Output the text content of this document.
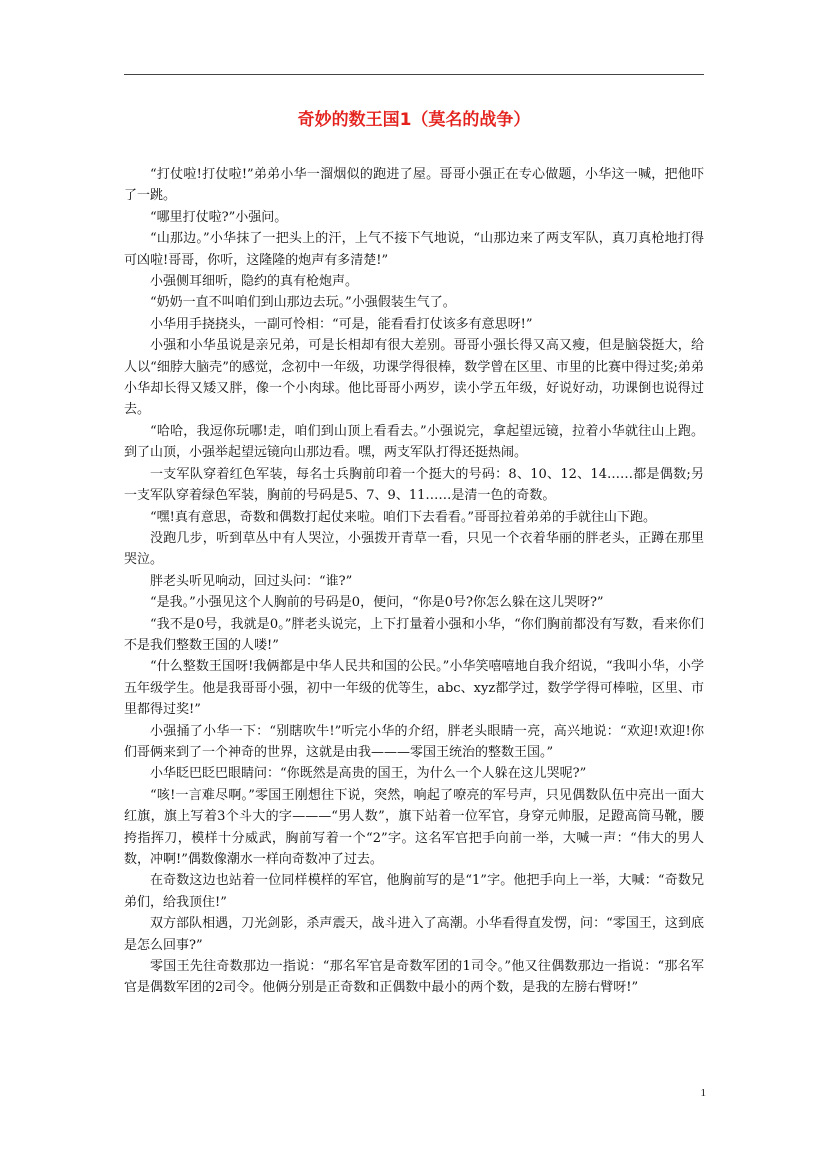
奇妙的数王国1（莫名的战争）

“打仗啦!打仗啦!”弟弟小华一溜烟似的跑进了屋。哥哥小强正在专心做题，小华这一喊，把他吓了一跳。

“哪里打仗啦?”小强问。

“山那边。”小华抹了一把头上的汗，上气不接下气地说，“山那边来了两支军队，真刀真枪地打得可凶啦!哥哥，你听，这隆隆的炮声有多清楚!”

小强侧耳细听，隐约的真有枪炮声。

“奶奶一直不叫咱们到山那边去玩。”小强假装生气了。

小华用手挠挠头，一副可怜相：“可是，能看看打仗该多有意思呀!”

小强和小华虽说是亲兄弟，可是长相却有很大差别。哥哥小强长得又高又瘦，但是脑袋挺大，给人以“细脖大脑壳”的感觉，念初中一年级，功课学得很棒，数学曾在区里、市里的比赛中得过奖;弟弟小华却长得又矮又胖，像一个小肉球。他比哥哥小两岁，读小学五年级，好说好动，功课倒也说得过去。

“哈哈，我逗你玩哪!走，咱们到山顶上看看去。”小强说完，拿起望远镜，拉着小华就往山上跑。到了山顶，小强举起望远镜向山那边看。嘿，两支军队打得还挺热闹。

一支军队穿着红色军装，每名士兵胸前印着一个挺大的号码：8、10、12、14……都是偶数;另一支军队穿着绿色军装，胸前的号码是5、7、9、11……是清一色的奇数。

“嘿!真有意思，奇数和偶数打起仗来啦。咱们下去看看。”哥哥拉着弟弟的手就往山下跑。

没跑几步，听到草丛中有人哭泣，小强拨开青草一看，只见一个衣着华丽的胖老头，正蹲在那里哭泣。

胖老头听见响动，回过头问：“谁?”

“是我。”小强见这个人胸前的号码是0，便问，“你是0号?你怎么躲在这儿哭呀?”

“我不是0号，我就是0。”胖老头说完，上下打量着小强和小华，“你们胸前都没有写数，看来你们不是我们整数王国的人喽!”

“什么整数王国呀!我俩都是中华人民共和国的公民。”小华笑嘻嘻地自我介绍说，“我叫小华，小学五年级学生。他是我哥哥小强，初中一年级的优等生，abc、xyz都学过，数学学得可棒啦，区里、市里都得过奖!”

小强捅了小华一下：“别瞎吹牛!”听完小华的介绍，胖老头眼睛一亮，高兴地说：“欢迎!欢迎!你们哥俩来到了一个神奇的世界，这就是由我———零国王统治的整数王国。”

小华眨巴眨巴眼睛问：“你既然是高贵的国王，为什么一个人躲在这儿哭呢?”

“咳!一言难尽啊。”零国王刚想往下说，突然，响起了嘹亮的军号声，只见偶数队伍中亮出一面大红旗，旗上写着3个斗大的字———“男人数”，旗下站着一位军官，身穿元帅服，足蹬高筒马靴，腰挎指挥刀，模样十分威武，胸前写着一个“2”字。这名军官把手向前一举，大喊一声：“伟大的男人数，冲啊!”偶数像潮水一样向奇数冲了过去。

在奇数这边也站着一位同样模样的军官，他胸前写的是“1”字。他把手向上一举，大喊：“奇数兄弟们，给我顶住!”

双方部队相遇，刀光剑影，杀声震天，战斗进入了高潮。小华看得直发愣，问：“零国王，这到底是怎么回事?”

零国王先往奇数那边一指说：“那名军官是奇数军团的1司令。”他又往偶数那边一指说：“那名军官是偶数军团的2司令。他俩分别是正奇数和正偶数中最小的两个数，是我的左膀右臂呀!”

1
